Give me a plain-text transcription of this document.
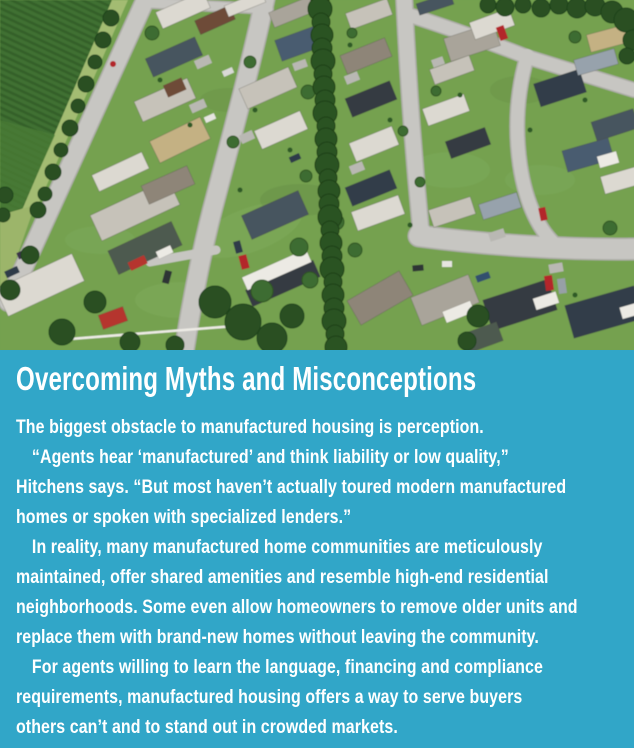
Overcoming Myths and Misconceptions

The biggest obstacle to manufactured housing is perception.

“Agents hear ‘manufactured’ and think liability or low quality,”
Hitchens says. “But most haven’t actually toured modern manufactured
homes or spoken with specialized lenders.”

In reality, many manufactured home communities are meticulously
maintained, offer shared amenities and resemble high-end residential
neighborhoods. Some even allow homeowners to remove older units and
replace them with brand-new homes without leaving the community.

For agents willing to learn the language, financing and compliance
requirements, manufactured housing offers a way to serve buyers
others can’t and to stand out in crowded markets.
